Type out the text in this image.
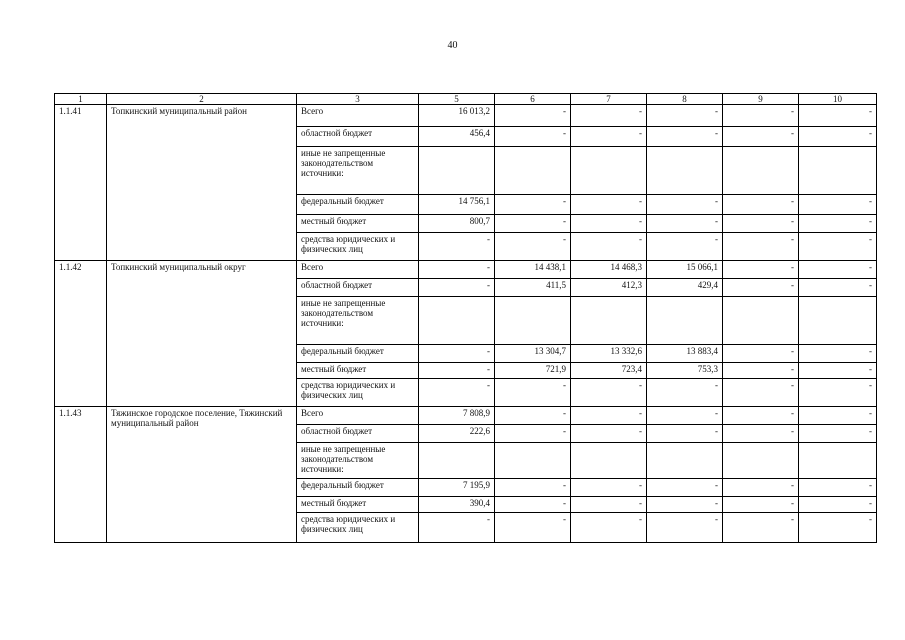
40
1	2	3	5	6	7	8	9	10
1.1.41	Топкинский муниципальный район	Всего	16 013,2	-	-	-	-	-
		областной бюджет	456,4	-	-	-	-	-
		иные не запрещенные законодательством источники:						
		федеральный бюджет	14 756,1	-	-	-	-	-
		местный бюджет	800,7	-	-	-	-	-
		средства юридических и физических лиц	-	-	-	-	-	-
1.1.42	Топкинский муниципальный округ	Всего	-	14 438,1	14 468,3	15 066,1	-	-
		областной бюджет	-	411,5	412,3	429,4	-	-
		иные не запрещенные законодательством источники:						
		федеральный бюджет	-	13 304,7	13 332,6	13 883,4	-	-
		местный бюджет	-	721,9	723,4	753,3	-	-
		средства юридических и физических лиц	-	-	-	-	-	-
1.1.43	Тяжинское городское поселение, Тяжинский муниципальный район	Всего	7 808,9	-	-	-	-	-
		областной бюджет	222,6	-	-	-	-	-
		иные не запрещенные законодательством источники:						
		федеральный бюджет	7 195,9	-	-	-	-	-
		местный бюджет	390,4	-	-	-	-	-
		средства юридических и физических лиц	-	-	-	-	-	-
